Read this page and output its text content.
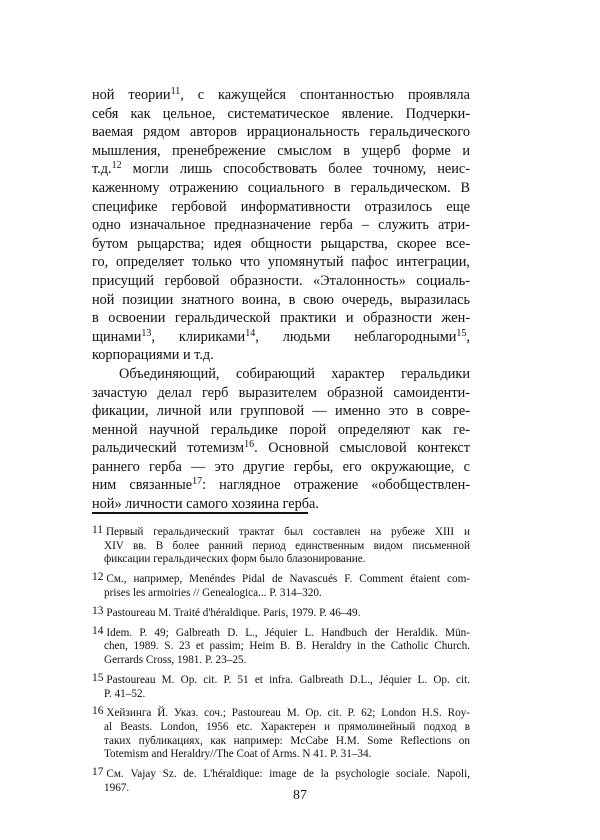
ной теории$^{11}$, с кажущейся спонтанностью проявляла
себя как цельное, систематическое явление. Подчерки-
ваемая рядом авторов иррациональность геральдического
мышления, пренебрежение смыслом в ущерб форме и
т.д.$^{12}$ могли лишь способствовать более точному, неис-
каженному отражению социального в геральдическом. В
специфике гербовой информативности отразилось еще
одно изначальное предназначение герба – служить атри-
бутом рыцарства; идея общности рыцарства, скорее все-
го, определяет только что упомянутый пафос интеграции,
присущий гербовой образности. «Эталонность» социаль-
ной позиции знатного воина, в свою очередь, выразилась
в освоении геральдической практики и образности жен-
щинами$^{13}$, клириками$^{14}$, людьми неблагородными$^{15}$,
корпорациями и т.д.

Объединяющий, собирающий характер геральдики
зачастую делал герб выразителем образной самоиденти-
фикации, личной или групповой — именно это в совре-
менной научной геральдике порой определяют как ге-
ральдический тотемизм$^{16}$. Основной смысловой контекст
раннего герба — это другие гербы, его окружающие, с
ним связанные$^{17}$: наглядное отражение «обобществлен-
ной» личности самого хозяина герба.

11 Первый геральдический трактат был составлен на рубеже XIII и
XIV вв. В более ранний период единственным видом письменной
фиксации геральдических форм было блазонирование.
12 См., например, Menéndes Pidal de Navascués F. Comment étaient com-
prises les armoiries // Genealogica... P. 314–320.
13 Pastoureau M. Traité d'héraldique. Paris, 1979. P. 46–49.
14 Idem. P. 49; Galbreath D. L., Jéquier L. Handbuch der Heraldik. Mün-
chen, 1989. S. 23 et passim; Heim B. B. Heraldry in the Catholic Church.
Gerrards Cross, 1981. P. 23–25.
15 Pastoureau M. Op. cit. P. 51 et infra. Galbreath D.L., Jéquier L. Op. cit.
P. 41–52.
16 Хейзинга Й. Указ. соч.; Pastoureau M. Op. cit. P. 62; London H.S. Roy-
al Beasts. London, 1956 etc. Характерен и прямолинейный подход в
таких публикациях, как например: McCabe H.M. Some Reflections on
Totemism and Heraldry//The Coat of Arms. N 41. P. 31–34.
17 См. Vajay Sz. de. L'héraldique: image de la psychologie sociale. Napoli,
1967.
87
